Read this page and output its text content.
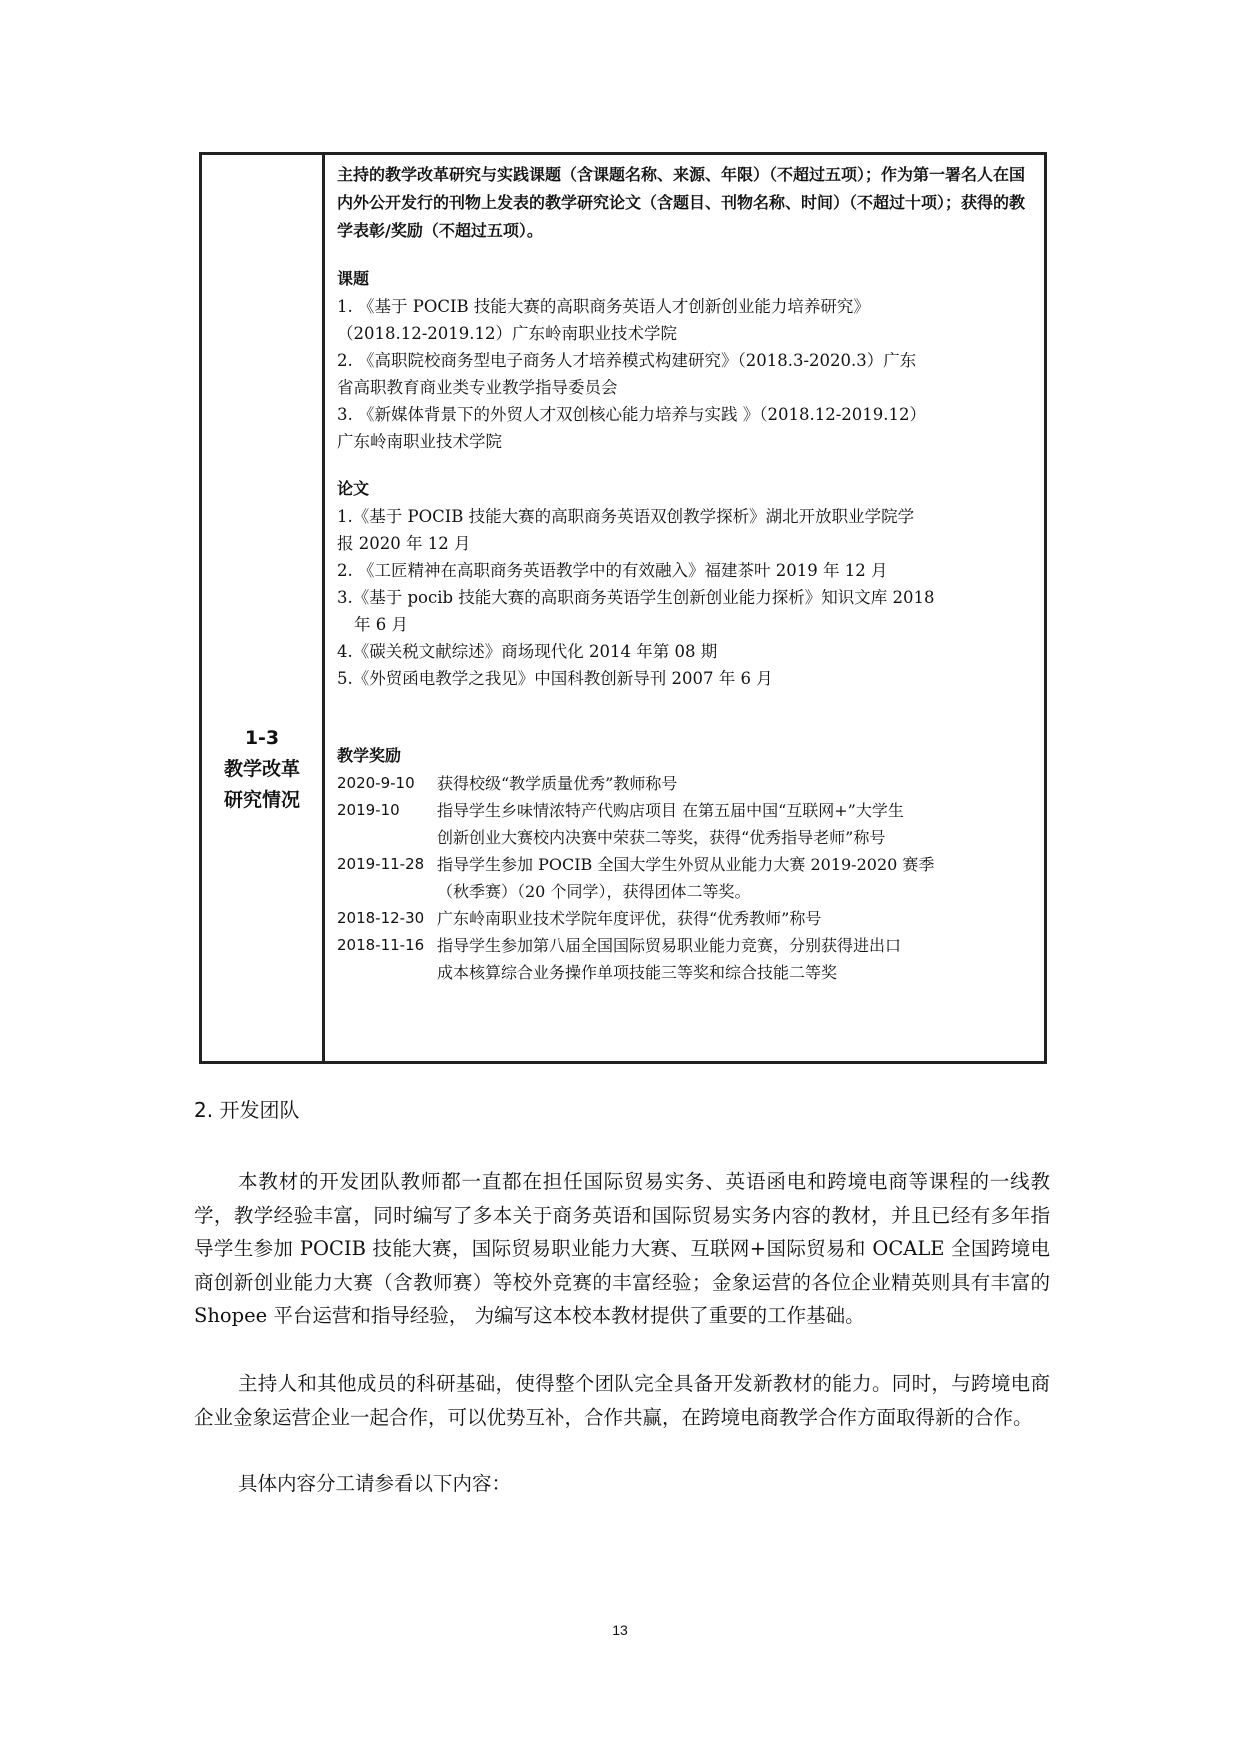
1-3
教学改革
研究情况
主持的教学改革研究与实践课题（含课题名称、来源、年限）（不超过五项）；作为第一署名人在国内外公开发行的刊物上发表的教学研究论文（含题目、刊物名称、时间）（不超过十项）；获得的教学表彰/奖励（不超过五项）。
课题
1. 《基于 POCIB 技能大赛的高职商务英语人才创新创业能力培养研究》
（2018.12-2019.12）广东岭南职业技术学院
2. 《高职院校商务型电子商务人才培养模式构建研究》（2018.3-2020.3）广东
省高职教育商业类专业教学指导委员会
3. 《新媒体背景下的外贸人才双创核心能力培养与实践 》（2018.12-2019.12）
广东岭南职业技术学院
论文
1.《基于 POCIB 技能大赛的高职商务英语双创教学探析》湖北开放职业学院学
报 2020 年 12 月
2. 《工匠精神在高职商务英语教学中的有效融入》福建茶叶 2019 年 12 月
3.《基于 pocib 技能大赛的高职商务英语学生创新创业能力探析》知识文库 2018
年 6 月
4.《碳关税文献综述》商场现代化 2014 年第 08 期
5.《外贸函电教学之我见》中国科教创新导刊 2007 年 6 月
教学奖励
2020-9-10	获得校级“教学质量优秀”教师称号
2019-10	指导学生乡味情浓特产代购店项目 在第五届中国“互联网+”大学生
创新创业大赛校内决赛中荣获二等奖，获得“优秀指导老师”称号
2019-11-28 指导学生参加 POCIB 全国大学生外贸从业能力大赛 2019-2020 赛季
（秋季赛）（20 个同学），获得团体二等奖。
2018-12-30 广东岭南职业技术学院年度评优，获得“优秀教师”称号
2018-11-16 指导学生参加第八届全国国际贸易职业能力竞赛，分别获得进出口
成本核算综合业务操作单项技能三等奖和综合技能二等奖
2. 开发团队

本教材的开发团队教师都一直都在担任国际贸易实务、英语函电和跨境电商等课程的一线教学，教学经验丰富，同时编写了多本关于商务英语和国际贸易实务内容的教材，并且已经有多年指导学生参加 POCIB 技能大赛，国际贸易职业能力大赛、互联网+国际贸易和 OCALE 全国跨境电商创新创业能力大赛（含教师赛）等校外竞赛的丰富经验；金象运营的各位企业精英则具有丰富的 Shopee 平台运营和指导经验， 为编写这本校本教材提供了重要的工作基础。

主持人和其他成员的科研基础，使得整个团队完全具备开发新教材的能力。同时，与跨境电商企业金象运营企业一起合作，可以优势互补，合作共赢，在跨境电商教学合作方面取得新的合作。

具体内容分工请参看以下内容：

13
